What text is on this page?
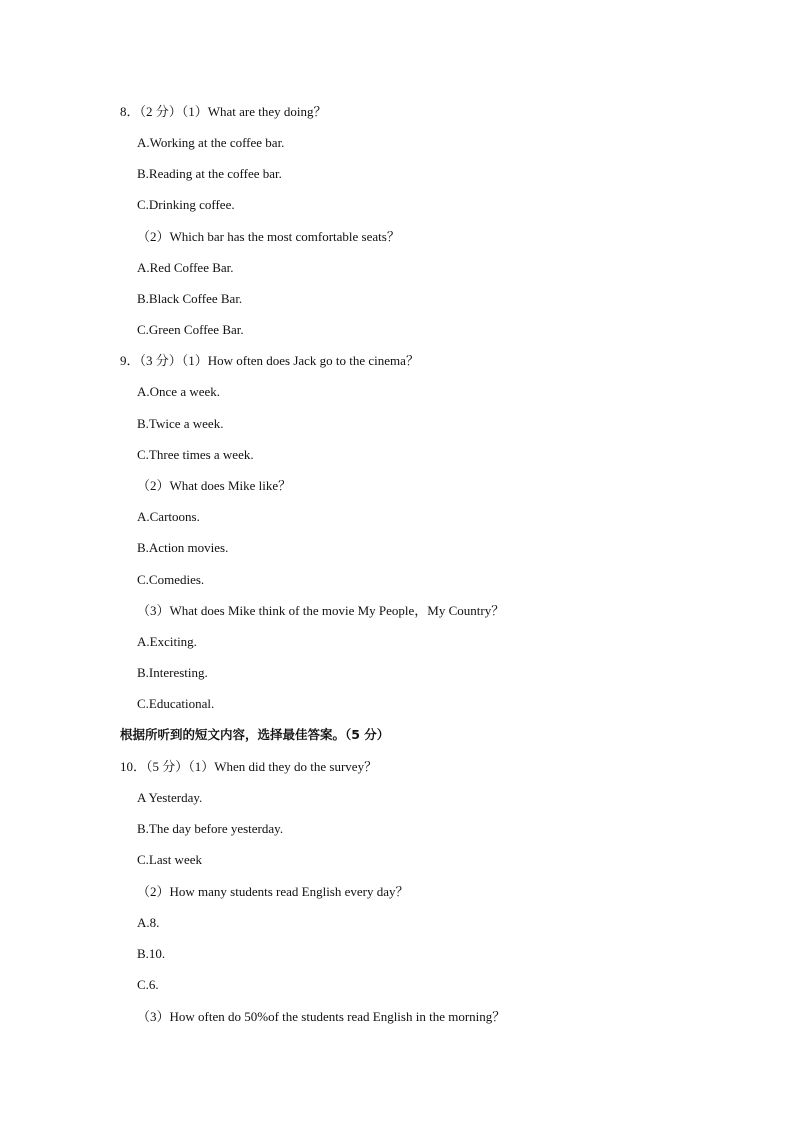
8．（2 分）（1）What are they doing？
A.Working at the coffee bar.
B.Reading at the coffee bar.
C.Drinking coffee.
（2）Which bar has the most comfortable seats？
A.Red Coffee Bar.
B.Black Coffee Bar.
C.Green Coffee Bar.
9．（3 分）（1）How often does Jack go to the cinema？
A.Once a week.
B.Twice a week.
C.Three times a week.
（2）What does Mike like？
A.Cartoons.
B.Action movies.
C.Comedies.
（3）What does Mike think of the movie My People，My Country？
A.Exciting.
B.Interesting.
C.Educational.
根据所听到的短文内容，选择最佳答案。（5 分）
10．（5 分）（1）When did they do the survey？
A Yesterday.
B.The day before yesterday.
C.Last week
（2）How many students read English every day？
A.8.
B.10.
C.6.
（3）How often do 50%of the students read English in the morning？
